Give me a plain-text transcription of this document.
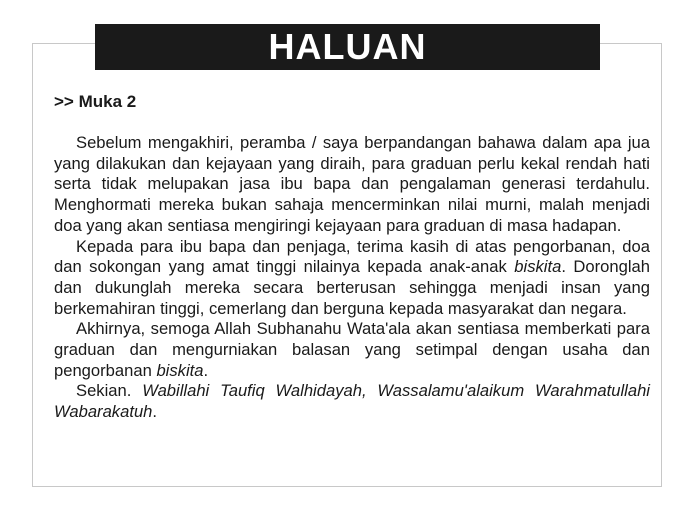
HALUAN
>> Muka 2

Sebelum mengakhiri, peramba / saya berpandangan bahawa dalam apa jua yang dilakukan dan kejayaan yang diraih, para graduan perlu kekal rendah hati serta tidak melupakan jasa ibu bapa dan pengalaman generasi terdahulu. Menghormati mereka bukan sahaja mencerminkan nilai murni, malah menjadi doa yang akan sentiasa mengiringi kejayaan para graduan di masa hadapan.

Kepada para ibu bapa dan penjaga, terima kasih di atas pengorbanan, doa dan sokongan yang amat tinggi nilainya kepada anak-anak biskita. Doronglah dan dukunglah mereka secara berterusan sehingga menjadi insan yang berkemahiran tinggi, cemerlang dan berguna kepada masyarakat dan negara.

Akhirnya, semoga Allah Subhanahu Wata'ala akan sentiasa memberkati para graduan dan mengurniakan balasan yang setimpal dengan usaha dan pengorbanan biskita.

Sekian. Wabillahi Taufiq Walhidayah, Wassalamu'alaikum Warahmatullahi Wabarakatuh.
